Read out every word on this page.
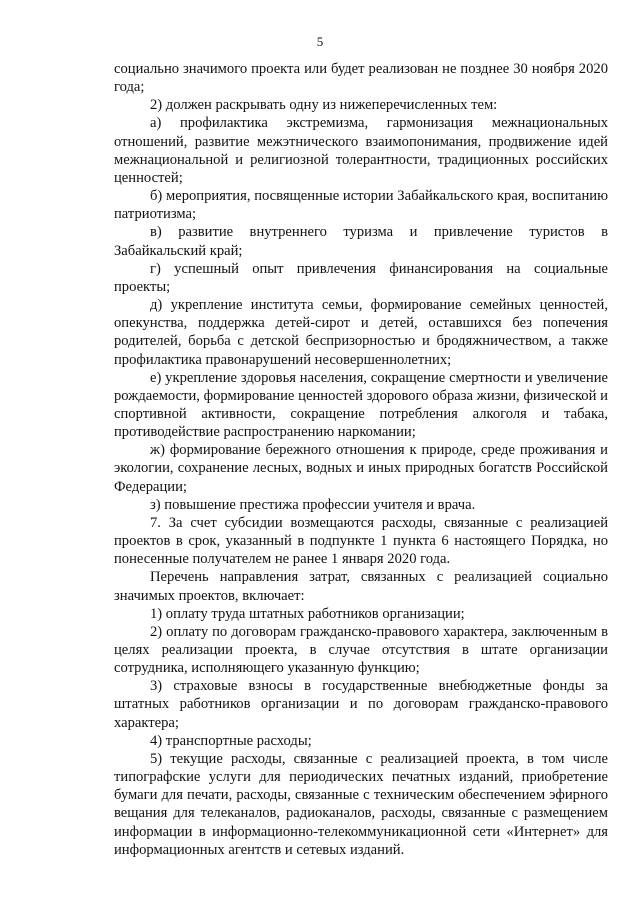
5

социально значимого проекта или будет реализован не позднее 30 ноября 2020 года;

2) должен раскрывать одну из нижеперечисленных тем:

а) профилактика экстремизма, гармонизация межнациональных отношений, развитие межэтнического взаимопонимания, продвижение идей межнациональной и религиозной толерантности, традиционных российских ценностей;

б) мероприятия, посвященные истории Забайкальского края, воспитанию патриотизма;

в) развитие внутреннего туризма и привлечение туристов в Забайкальский край;

г) успешный опыт привлечения финансирования на социальные проекты;

д) укрепление института семьи, формирование семейных ценностей, опекунства, поддержка детей-сирот и детей, оставшихся без попечения родителей, борьба с детской беспризорностью и бродяжничеством, а также профилактика правонарушений несовершеннолетних;

е) укрепление здоровья населения, сокращение смертности и увеличение рождаемости, формирование ценностей здорового образа жизни, физической и спортивной активности, сокращение потребления алкоголя и табака, противодействие распространению наркомании;

ж) формирование бережного отношения к природе, среде проживания и экологии, сохранение лесных, водных и иных природных богатств Российской Федерации;

з) повышение престижа профессии учителя и врача.

7. За счет субсидии возмещаются расходы, связанные с реализацией проектов в срок, указанный в подпункте 1 пункта 6 настоящего Порядка, но понесенные получателем не ранее 1 января 2020 года.

Перечень направления затрат, связанных с реализацией социально значимых проектов, включает:

1) оплату труда штатных работников организации;

2) оплату по договорам гражданско-правового характера, заключенным в целях реализации проекта, в случае отсутствия в штате организации сотрудника, исполняющего указанную функцию;

3) страховые взносы в государственные внебюджетные фонды за штатных работников организации и по договорам гражданско-правового характера;

4) транспортные расходы;

5) текущие расходы, связанные с реализацией проекта, в том числе типографские услуги для периодических печатных изданий, приобретение бумаги для печати, расходы, связанные с техническим обеспечением эфирного вещания для телеканалов, радиоканалов, расходы, связанные с размещением информации в информационно-телекоммуникационной сети «Интернет» для информационных агентств и сетевых изданий.
